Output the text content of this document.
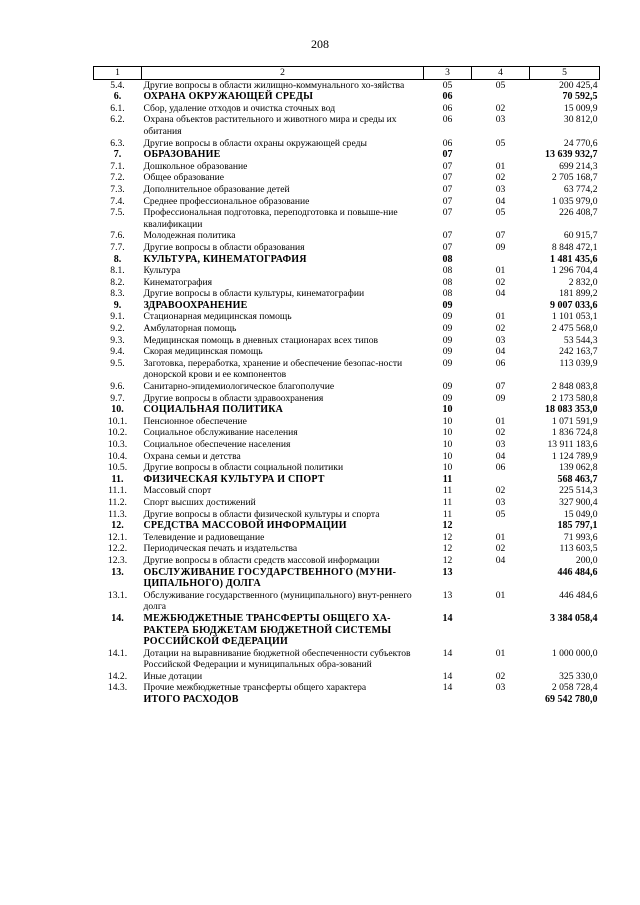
208
1	2	3	4	5
5.4.	Другие вопросы в области жилищно-коммунального хо-зяйства	05	05	200 425,4
6.	ОХРАНА ОКРУЖАЮЩЕЙ СРЕДЫ	06		70 592,5
6.1.	Сбор, удаление отходов и очистка сточных вод	06	02	15 009,9
6.2.	Охрана объектов растительного и животного мира и среды их обитания	06	03	30 812,0
6.3.	Другие вопросы в области охраны окружающей среды	06	05	24 770,6
7.	ОБРАЗОВАНИЕ	07		13 639 932,7
7.1.	Дошкольное образование	07	01	699 214,3
7.2.	Общее образование	07	02	2 705 168,7
7.3.	Дополнительное образование детей	07	03	63 774,2
7.4.	Среднее профессиональное образование	07	04	1 035 979,0
7.5.	Профессиональная подготовка, переподготовка и повыше-ние квалификации	07	05	226 408,7
7.6.	Молодежная политика	07	07	60 915,7
7.7.	Другие вопросы в области образования	07	09	8 848 472,1
8.	КУЛЬТУРА, КИНЕМАТОГРАФИЯ	08		1 481 435,6
8.1.	Культура	08	01	1 296 704,4
8.2.	Кинематография	08	02	2 832,0
8.3.	Другие вопросы в области культуры, кинематографии	08	04	181 899,2
9.	ЗДРАВООХРАНЕНИЕ	09		9 007 033,6
9.1.	Стационарная медицинская помощь	09	01	1 101 053,1
9.2.	Амбулаторная помощь	09	02	2 475 568,0
9.3.	Медицинская помощь в дневных стационарах всех типов	09	03	53 544,3
9.4.	Скорая медицинская помощь	09	04	242 163,7
9.5.	Заготовка, переработка, хранение и обеспечение безопас-ности донорской крови и ее компонентов	09	06	113 039,9
9.6.	Санитарно-эпидемиологическое благополучие	09	07	2 848 083,8
9.7.	Другие вопросы в области здравоохранения	09	09	2 173 580,8
10.	СОЦИАЛЬНАЯ ПОЛИТИКА	10		18 083 353,0
10.1.	Пенсионное обеспечение	10	01	1 071 591,9
10.2.	Социальное обслуживание населения	10	02	1 836 724,8
10.3.	Социальное обеспечение населения	10	03	13 911 183,6
10.4.	Охрана семьи и детства	10	04	1 124 789,9
10.5.	Другие вопросы в области социальной политики	10	06	139 062,8
11.	ФИЗИЧЕСКАЯ КУЛЬТУРА И СПОРТ	11		568 463,7
11.1.	Массовый спорт	11	02	225 514,3
11.2.	Спорт высших достижений	11	03	327 900,4
11.3.	Другие вопросы в области физической культуры и спорта	11	05	15 049,0
12.	СРЕДСТВА МАССОВОЙ ИНФОРМАЦИИ	12		185 797,1
12.1.	Телевидение и радиовещание	12	01	71 993,6
12.2.	Периодическая печать и издательства	12	02	113 603,5
12.3.	Другие вопросы в области средств массовой информации	12	04	200,0
13.	ОБСЛУЖИВАНИЕ ГОСУДАРСТВЕННОГО (МУНИ-ЦИПАЛЬНОГО) ДОЛГА	13		446 484,6
13.1.	Обслуживание государственного (муниципального) внут-реннего долга	13	01	446 484,6
14.	МЕЖБЮДЖЕТНЫЕ ТРАНСФЕРТЫ ОБЩЕГО ХА-РАКТЕРА БЮДЖЕТАМ БЮДЖЕТНОЙ СИСТЕМЫ РОССИЙСКОЙ ФЕДЕРАЦИИ	14		3 384 058,4
14.1.	Дотации на выравнивание бюджетной обеспеченности субъектов Российской Федерации и муниципальных обра-зований	14	01	1 000 000,0
14.2.	Иные дотации	14	02	325 330,0
14.3.	Прочие межбюджетные трансферты общего характера	14	03	2 058 728,4
	ИТОГО РАСХОДОВ			69 542 780,0
